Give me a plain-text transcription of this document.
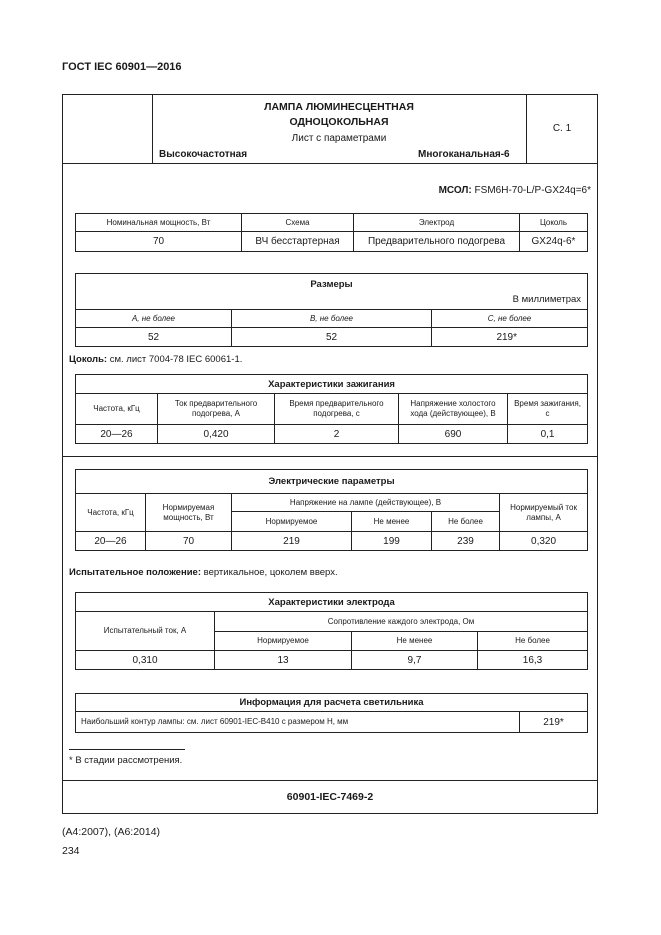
ГОСТ IEC 60901—2016
ЛАМПА ЛЮМИНЕСЦЕНТНАЯ
ОДНОЦОКОЛЬНАЯ
Лист с параметрами
Высокочастотная	Многоканальная-6
С. 1
МСОЛ: FSM6H-70-L/P-GX24q=6*
Номинальная мощность, Вт	Схема	Электрод	Цоколь
70	ВЧ бесстартерная	Предварительного подогрева	GX24q-6*
Размеры
В миллиметрах		

A, не более	B, не более	C, не более
52	52	219*
Цоколь: см. лист 7004-78 IEC 60061-1.
Характеристики зажигания				
Частота, кГц	Ток предварительного подогрева, А	Время предварительного подогрева, с	Напряжение холостого хода (действующее), В	Время зажигания, с
20—26	0,420	2	690	0,1
Электрические параметры					
Частота, кГц	Нормируемая мощность, Вт	Напряжение на лампе (действующее), В			Нормируемый ток лампы, А
		Нормируемое	Не менее	Не более	
20—26	70	219	199	239	0,320
Испытательное положение: вертикальное, цоколем вверх.
Характеристики электрода			
Испытательный ток, А	Сопротивление каждого электрода, Ом		
	Нормируемое	Не менее	Не более
0,310	13	9,7	16,3
Информация для расчета светильника
Наибольший контур лампы: см. лист 60901-IEC-B410 с размером H, мм	219*
* В стадии рассмотрения.
60901-IEC-7469-2
(A4:2007), (A6:2014)
234
